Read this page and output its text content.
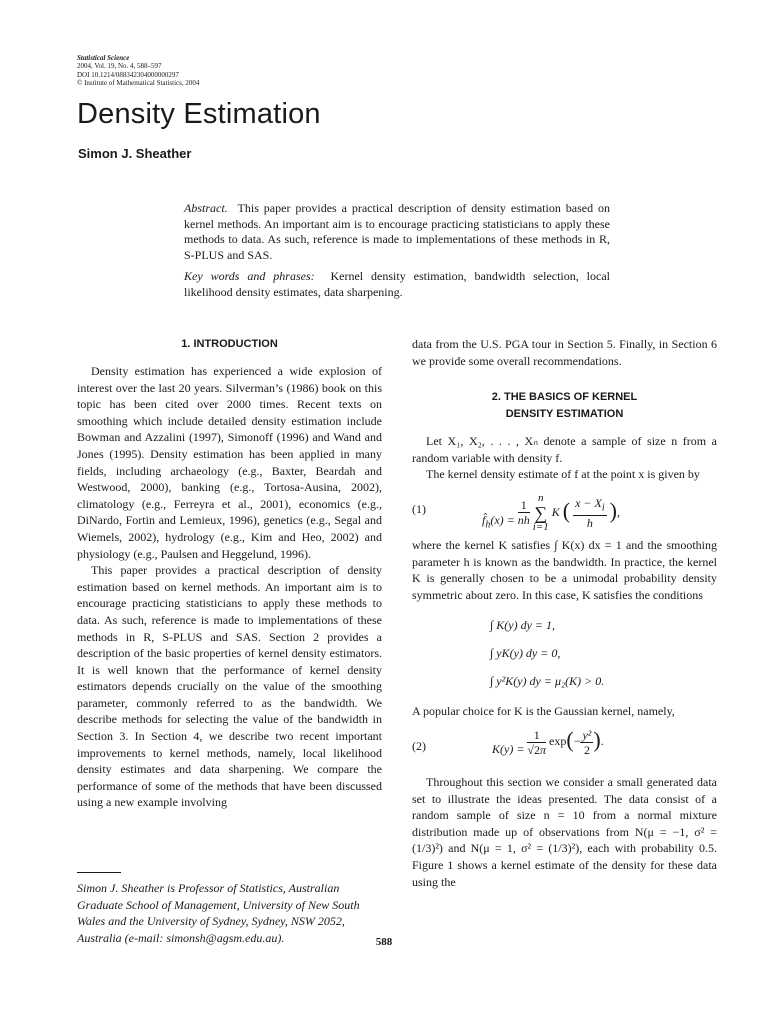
Statistical Science
2004, Vol. 19, No. 4, 588–597
DOI 10.1214/088342304000000297
© Institute of Mathematical Statistics, 2004
Density Estimation
Simon J. Sheather

Abstract. This paper provides a practical description of density estimation based on kernel methods. An important aim is to encourage practicing statisticians to apply these methods to data. As such, reference is made to implementations of these methods in R, S-PLUS and SAS.

Key words and phrases: Kernel density estimation, bandwidth selection, local likelihood density estimates, data sharpening.

1. INTRODUCTION

Density estimation has experienced a wide explosion of interest over the last 20 years. Silverman’s (1986) book on this topic has been cited over 2000 times. Recent texts on smoothing which include detailed density estimation include Bowman and Azzalini (1997), Simonoff (1996) and Wand and Jones (1995). Density estimation has been applied in many fields, including archaeology (e.g., Baxter, Beardah and Westwood, 2000), banking (e.g., Tortosa-Ausina, 2002), climatology (e.g., Ferreyra et al., 2001), economics (e.g., DiNardo, Fortin and Lemieux, 1996), genetics (e.g., Segal and Wiemels, 2002), hydrology (e.g., Kim and Heo, 2002) and physiology (e.g., Paulsen and Heggelund, 1996).

This paper provides a practical description of density estimation based on kernel methods. An important aim is to encourage practicing statisticians to apply these methods to data. As such, reference is made to implementations of these methods in R, S-PLUS and SAS. Section 2 provides a description of the basic properties of kernel density estimators. It is well known that the performance of kernel density estimators depends crucially on the value of the smoothing parameter, commonly referred to as the bandwidth. We describe methods for selecting the value of the bandwidth in Section 3. In Section 4, we describe two recent important improvements to kernel methods, namely, local likelihood density estimates and data sharpening. We compare the performance of some of the methods that have been discussed using a new example involving

Simon J. Sheather is Professor of Statistics, Australian Graduate School of Management, University of New South Wales and the University of Sydney, Sydney, NSW 2052, Australia (e-mail: simonsh@agsm.edu.au).

data from the U.S. PGA tour in Section 5. Finally, in Section 6 we provide some overall recommendations.

2. THE BASICS OF KERNEL
DENSITY ESTIMATION

Let X₁, X₂, . . . , Xₙ denote a sample of size n from a random variable with density f.

The kernel density estimate of f at the point x is given by

(1)
$f̂_h(x) = \frac{1}{nh}$

n
∑
i=1
K ( $\frac{x - X_i}{h}$ ),

where the kernel K satisfies ∫ K(x) dx = 1 and the smoothing parameter h is known as the bandwidth. In practice, the kernel K is generally chosen to be a unimodal probability density symmetric about zero. In this case, K satisfies the conditions

∫ K(y) dy = 1,
∫ yK(y) dy = 0,
∫ y²K(y) dy = μ₂(K) > 0.

A popular choice for K is the Gaussian kernel, namely,

(2)	$K(y) = \frac{1}{√2\pi} \exp(- \frac{\text{y²}}{2}$ ).

Throughout this section we consider a small generated data set to illustrate the ideas presented. The data consist of a random sample of size n = 10 from a normal mixture distribution made up of observations from N(μ = −1, σ² = (1/3)²) and N(μ = 1, σ² = (1/3)²), each with probability 0.5. Figure 1 shows a kernel estimate of the density for these data using the

588
